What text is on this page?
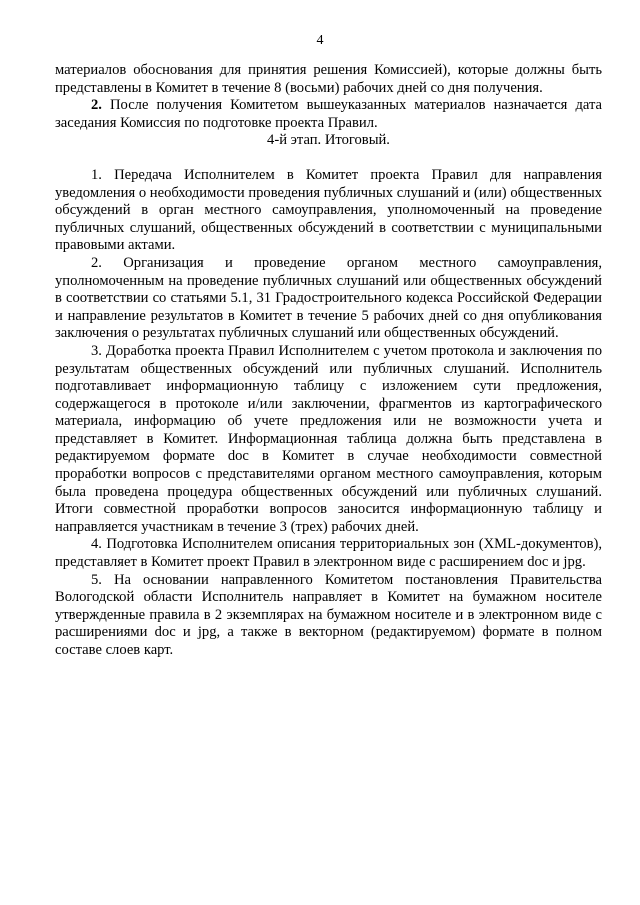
4

материалов обоснования для принятия решения Комиссией), которые должны быть представлены в Комитет в течение 8 (восьми) рабочих дней со дня получения.

2. После получения Комитетом вышеуказанных материалов назначается дата заседания Комиссия по подготовке проекта Правил.

4-й этап. Итоговый.

1. Передача Исполнителем в Комитет проекта Правил для направления уведомления о необходимости проведения публичных слушаний и (или) общественных обсуждений в орган местного самоуправления, уполномоченный на проведение публичных слушаний, общественных обсуждений в соответствии с муниципальными правовыми актами.

2. Организация и проведение органом местного самоуправления, уполномоченным на проведение публичных слушаний или общественных обсуждений в соответствии со статьями 5.1, 31 Градостроительного кодекса Российской Федерации и направление результатов в Комитет в течение 5 рабочих дней со дня опубликования заключения о результатах публичных слушаний или общественных обсуждений.

3. Доработка проекта Правил Исполнителем с учетом протокола и заключения по результатам общественных обсуждений или публичных слушаний. Исполнитель подготавливает информационную таблицу с изложением сути предложения, содержащегося в протоколе и/или заключении, фрагментов из картографического материала, информацию об учете предложения или не возможности учета и представляет в Комитет. Информационная таблица должна быть представлена в редактируемом формате doc в Комитет в случае необходимости совместной проработки вопросов с представителями органом местного самоуправления, которым была проведена процедура общественных обсуждений или публичных слушаний. Итоги совместной проработки вопросов заносится информационную таблицу и направляется участникам в течение 3 (трех) рабочих дней.

4. Подготовка Исполнителем описания территориальных зон (XML-документов), представляет в Комитет проект Правил в электронном виде с расширением doc и jpg.

5. На основании направленного Комитетом постановления Правительства Вологодской области Исполнитель направляет в Комитет на бумажном носителе утвержденные правила в 2 экземплярах на бумажном носителе и в электронном виде с расширениями doc и jpg, а также в векторном (редактируемом) формате в полном составе слоев карт.
